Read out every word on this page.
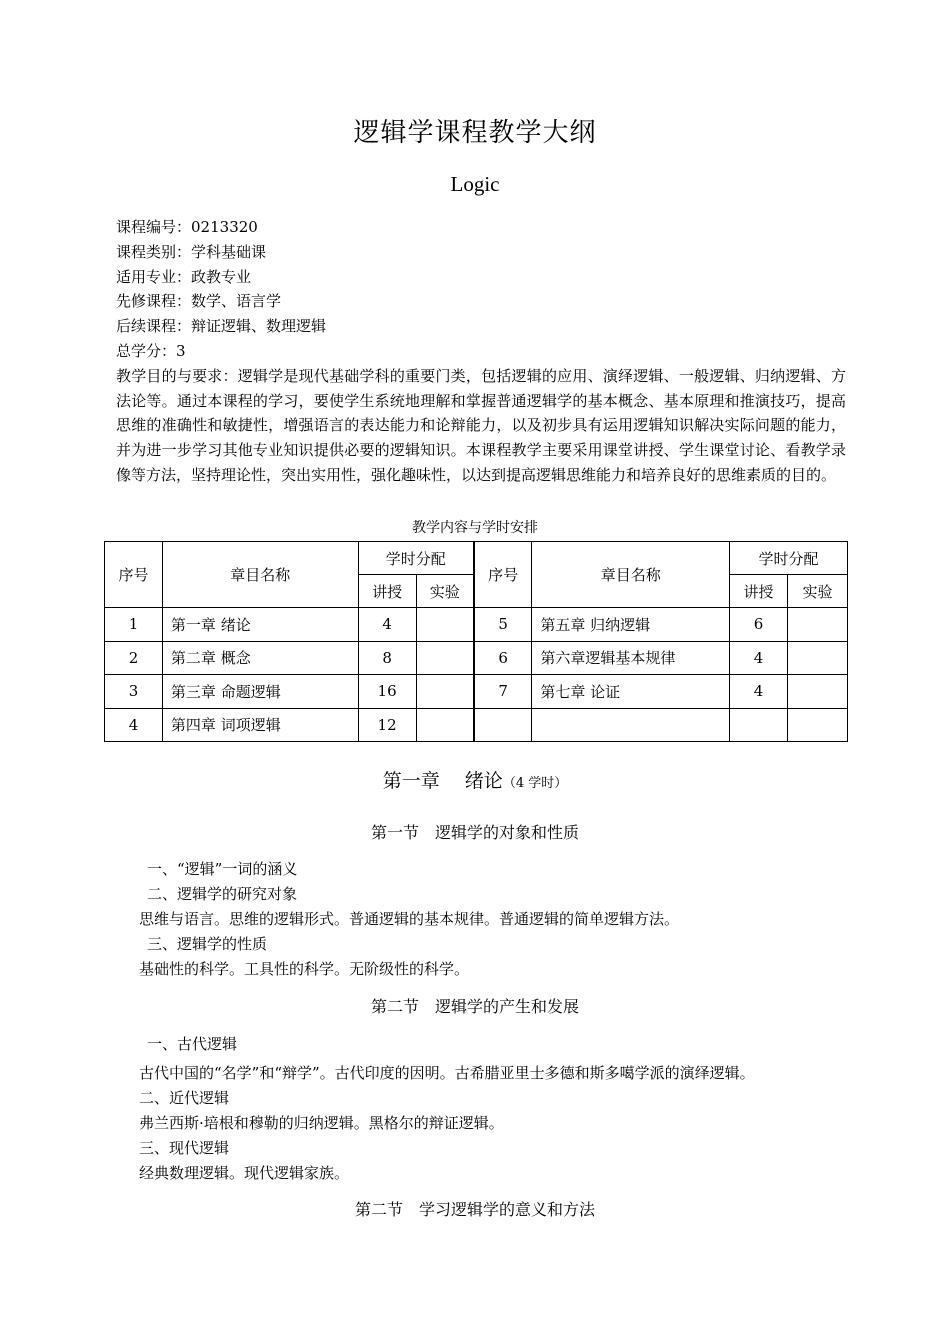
逻辑学课程教学大纲
Logic
课程编号：0213320
课程类别：学科基础课
适用专业：政教专业
先修课程：数学、语言学
后续课程：辩证逻辑、数理逻辑
总学分：3
教学目的与要求：逻辑学是现代基础学科的重要门类，包括逻辑的应用、演绎逻辑、一般逻辑、归纳逻辑、方法论等。通过本课程的学习，要使学生系统地理解和掌握普通逻辑学的基本概念、基本原理和推演技巧，提高思维的准确性和敏捷性，增强语言的表达能力和论辩能力，以及初步具有运用逻辑知识解决实际问题的能力，并为进一步学习其他专业知识提供必要的逻辑知识。本课程教学主要采用课堂讲授、学生课堂讨论、看教学录像等方法，坚持理论性，突出实用性，强化趣味性，以达到提高逻辑思维能力和培养良好的思维素质的目的。
教学内容与学时安排
序号	章目名称	学时分配		序号	章目名称	学时分配	
		讲授	实验			讲授	实验
1	第一章 绪论	4		5	第五章 归纳逻辑	6	
2	第二章 概念	8		6	第六章逻辑基本规律	4	
3	第三章 命题逻辑	16		7	第七章 论证	4	
4	第四章 词项逻辑	12					
第一章　 绪论（4 学时）
第一节　逻辑学的对象和性质
一、“逻辑”一词的涵义
二、逻辑学的研究对象
思维与语言。思维的逻辑形式。普通逻辑的基本规律。普通逻辑的简单逻辑方法。
三、逻辑学的性质
基础性的科学。工具性的科学。无阶级性的科学。
第二节　逻辑学的产生和发展
一、古代逻辑
古代中国的“名学”和“辩学”。古代印度的因明。古希腊亚里士多德和斯多噶学派的演绎逻辑。
二、近代逻辑
弗兰西斯·培根和穆勒的归纳逻辑。黑格尔的辩证逻辑。
三、现代逻辑
经典数理逻辑。现代逻辑家族。
第二节　学习逻辑学的意义和方法
